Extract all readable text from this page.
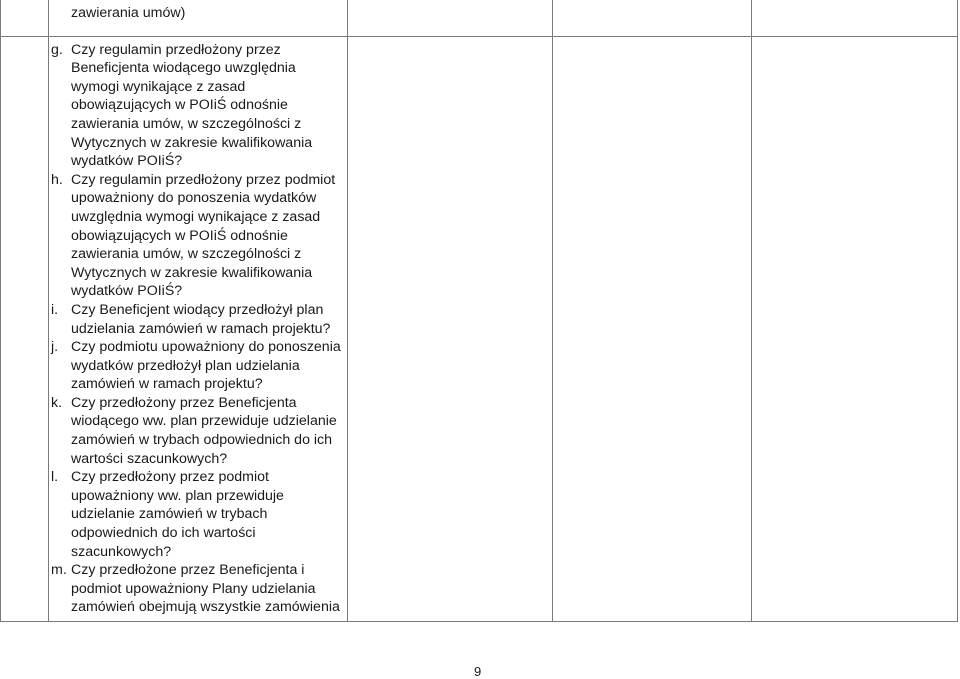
zawierania umów)
g. Czy regulamin przedłożony przez Beneficjenta wiodącego uwzględnia wymogi wynikające z zasad obowiązujących w POIiŚ odnośnie zawierania umów, w szczególności z Wytycznych w zakresie kwalifikowania wydatków POIiŚ?
h. Czy regulamin przedłożony przez podmiot upoważniony do ponoszenia wydatków uwzględnia wymogi wynikające z zasad obowiązujących w POIiŚ odnośnie zawierania umów, w szczególności z Wytycznych w zakresie kwalifikowania wydatków POIiŚ?
i. Czy Beneficjent wiodący przedłożył plan udzielania zamówień w ramach projektu?
j. Czy podmiotu upoważniony do ponoszenia wydatków przedłożył plan udzielania zamówień w ramach projektu?
k. Czy przedłożony przez Beneficjenta wiodącego ww. plan przewiduje udzielanie zamówień w trybach odpowiednich do ich wartości szacunkowych?
l. Czy przedłożony przez podmiot upoważniony ww. plan przewiduje udzielanie zamówień w trybach odpowiednich do ich wartości szacunkowych?
m. Czy przedłożone przez Beneficjenta i podmiot upoważniony Plany udzielania zamówień obejmują wszystkie zamówienia
9
